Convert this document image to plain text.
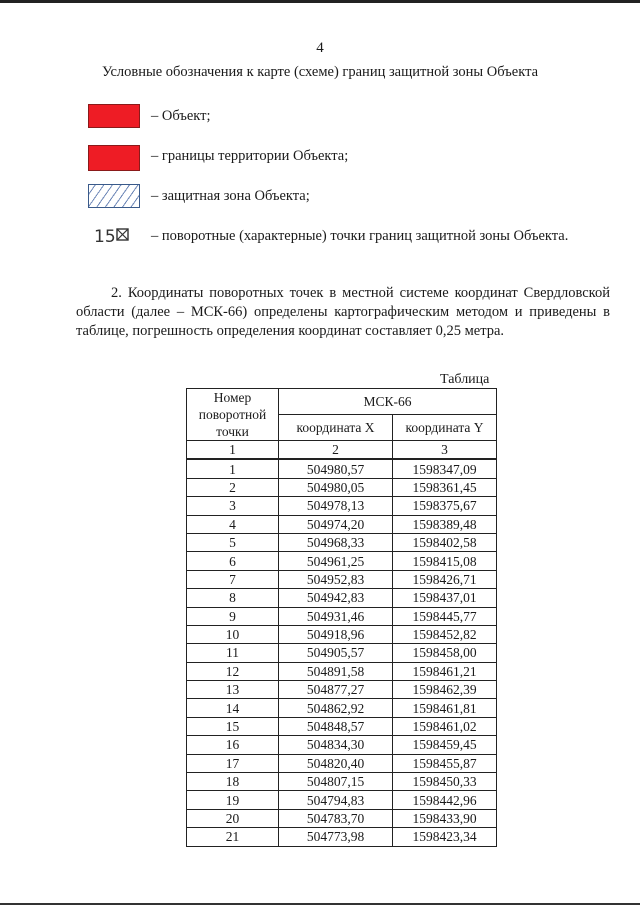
4
Условные обозначения к карте (схеме) границ защитной зоны Объекта
– Объект;
– границы территории Объекта;
– защитная зона Объекта;
15 – поворотные (характерные) точки границ защитной зоны Объекта.
2. Координаты поворотных точек в местной системе координат Свердловской области (далее – МСК-66) определены картографическим методом и приведены в таблице, погрешность определения координат составляет 0,25 метра.
Таблица
Номер поворотной точки	МСК-66	
	координата X	координата Y
1	2	3
1	504980,57	1598347,09
2	504980,05	1598361,45
3	504978,13	1598375,67
4	504974,20	1598389,48
5	504968,33	1598402,58
6	504961,25	1598415,08
7	504952,83	1598426,71
8	504942,83	1598437,01
9	504931,46	1598445,77
10	504918,96	1598452,82
11	504905,57	1598458,00
12	504891,58	1598461,21
13	504877,27	1598462,39
14	504862,92	1598461,81
15	504848,57	1598461,02
16	504834,30	1598459,45
17	504820,40	1598455,87
18	504807,15	1598450,33
19	504794,83	1598442,96
20	504783,70	1598433,90
21	504773,98	1598423,34
